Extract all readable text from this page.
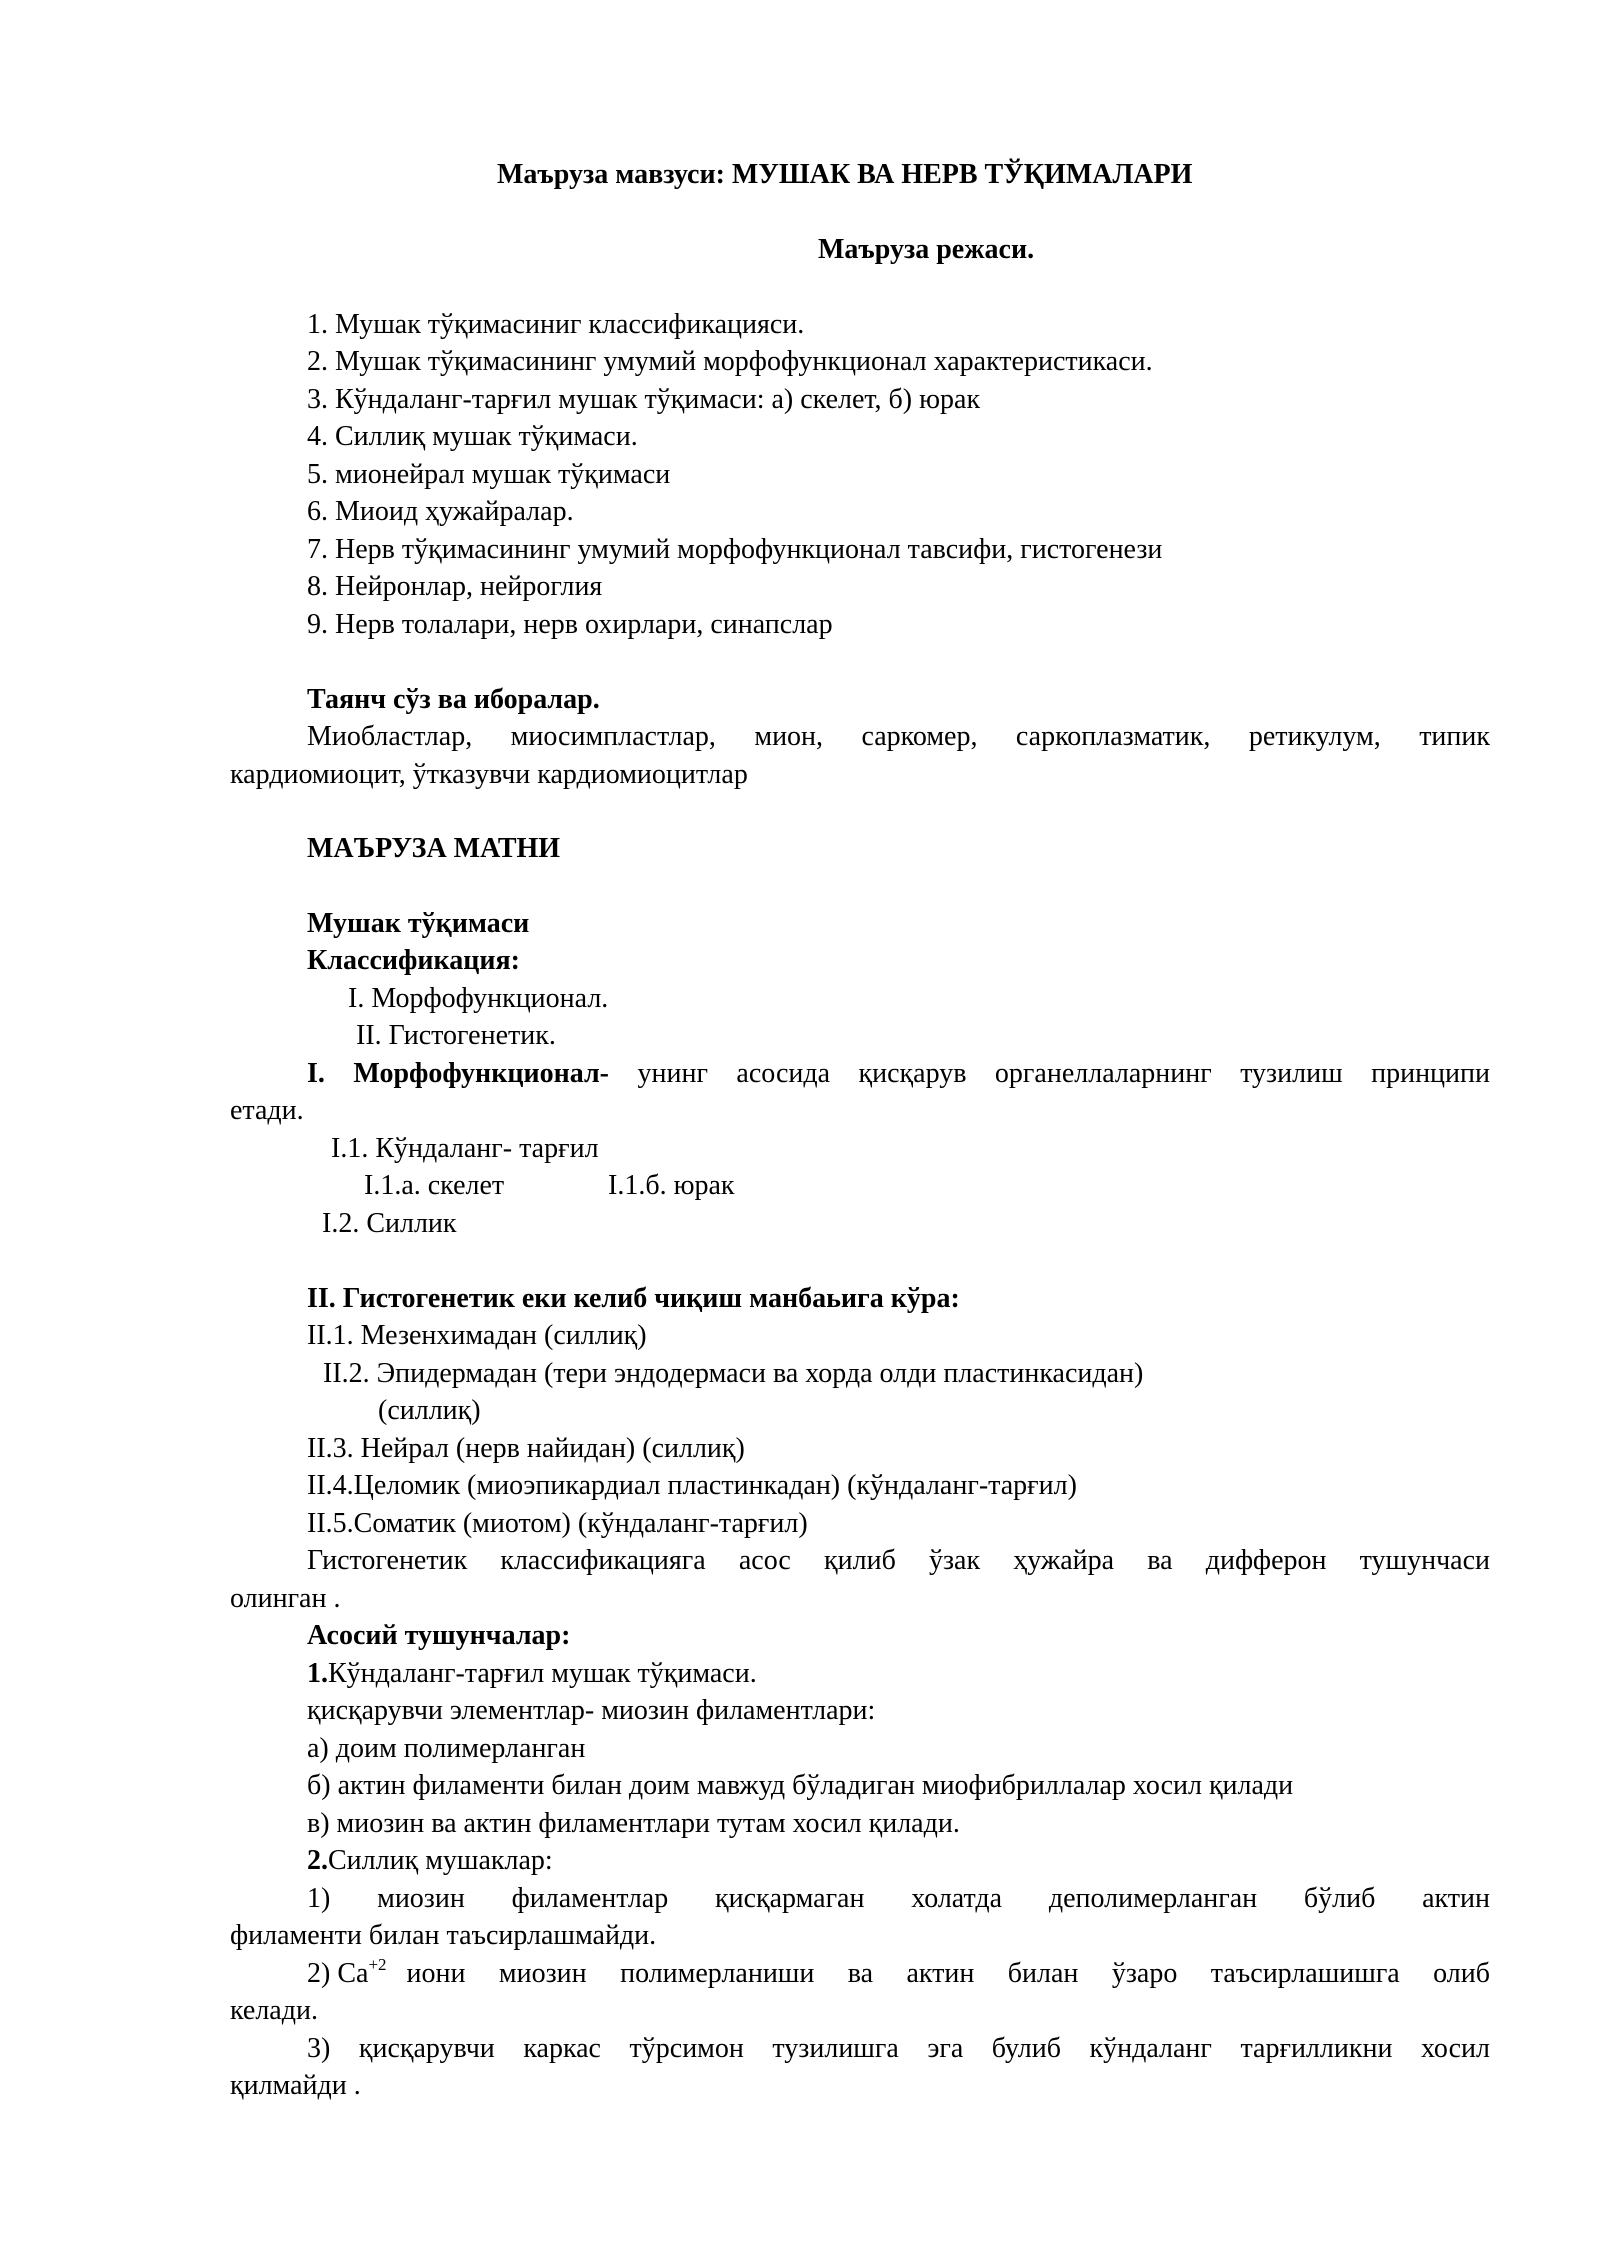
Маъруза мавзуси: МУШАК ВА НЕРВ ТЎҚИМАЛАРИ
Маъруза режаси.
1. Мушак тўқимасиниг классификацияси.
2. Мушак тўқимасининг умумий морфофункционал характеристикаси.
3. Кўндаланг-тарғил мушак тўқимаси: а) скелет, б) юрак
4. Силлиқ мушак тўқимаси.
5. мионейрал мушак тўқимаси
6. Миоид ҳужайралар.
7. Нерв тўқимасининг умумий морфофункционал тавсифи, гистогенези
8. Нейронлар, нейроглия
9. Нерв толалари, нерв охирлари, синапслар
Таянч сўз ва иборалар.
Миобластлар, миосимпластлар, мион, саркомер, саркоплазматик, ретикулум, типик
кардиомиоцит, ўтказувчи кардиомиоцитлар
МАЪРУЗА МАТНИ
Мушак тўқимаси
Классификация:
I. Морфофункционал.
II. Гистогенетик.
I. Морфофункционал- унинг асосида қисқарув органеллаларнинг тузилиш принципи
етади.
I.1. Кўндаланг- тарғил
I.1.а. скелет	I.1.б. юрак
I.2. Силлик
II. Гистогенетик еки келиб чиқиш манбаьига кўра:
II.1. Мезенхимадан (силлиқ)
II.2. Эпидермадан (тери эндодермаси ва хорда олди пластинкасидан)
(силлиқ)
II.3. Нейрал (нерв найидан) (силлиқ)
II.4.Целомик (миоэпикардиал пластинкадан) (кўндаланг-тарғил)
II.5.Соматик (миотом) (кўндаланг-тарғил)
Гистогенетик классификацияга асос қилиб ўзак ҳужайра ва дифферон тушунчаси
олинган .
Асосий тушунчалар:
1.Кўндаланг-тарғил мушак тўқимаси.
қисқарувчи элементлар- миозин филаментлари:
а) доим полимерланган
б) актин филаменти билан доим мавжуд бўладиган миофибриллалар хосил қилади
в) миозин ва актин филаментлари тутам хосил қилади.
2.Силлиқ мушаклар:
1) миозин филаментлар қисқармаган холатда деполимерланган бўлиб актин
филаменти билан таъсирлашмайди.
2) $Са^{+2}$ иони миозин полимерланиши ва актин билан ўзаро таъсирлашишга олиб
келади.
3) қисқарувчи каркас тўрсимон тузилишга эга булиб кўндаланг тарғилликни хосил
қилмайди .
